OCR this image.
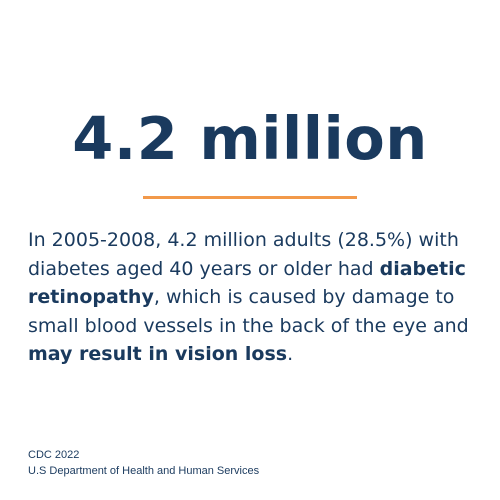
4.2 million

In 2005-2008, 4.2 million adults (28.5%) with diabetes aged 40 years or older had diabetic retinopathy, which is caused by damage to small blood vessels in the back of the eye and may result in vision loss.

CDC 2022
U.S Department of Health and Human Services
